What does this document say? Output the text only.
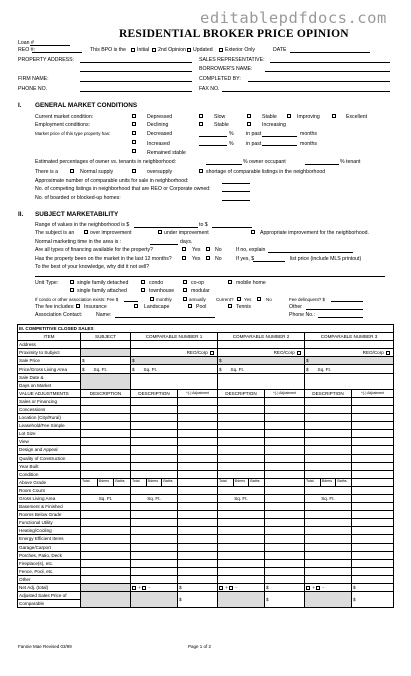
editablepdfdocs.com
RESIDENTIAL BROKER PRICE OPINION
Loan #
REO #:	This BPO is the Initial 2nd Opinion Updated Exterior Only	DATE
PROPERTY ADDRESS:	SALES REPRESENTATIVE:
BORROWER'S NAME:
FIRM NAME:	COMPLETED BY:
PHONE NO.	FAX NO.
I. GENERAL MARKET CONDITIONS
Current market condition:	Depressed	Slow	Stable	Improving	Excellent
Employment conditions:	Declining	Stable	Increasing
Market price of this type property has:	Decreased	% in past	months
Increased	% in past	months
Remained stable
Estimated percentages of owner vs. tenants in neighborhood:	% owner occupant	% tenant
There is a	Normal supply	oversupply	shortage of comparable listings in the neighborhood
Approximate number of comparable units for sale in neighborhood:
No. of competing listings in neighborhood that are REO or Corporate owned:
No. of boarded or blocked-up homes:
II. SUBJECT MARKETABILITY
Range of values in the neighborhood is $	to $
The subject is an	over improvement	under improvement	Appropriate improvement for the neighborhood.
Normal marketing time in the area is :	days.
Are all types of financing available for the property?	Yes	No	If no, explain
Has the property been on the market in the last 12 months?	Yes	No	If yes, $	list price (include MLS printout)
To the best of your knowledge, why did it not sell?
Unit Type:	single family detached	condo	co-op	mobile home
single family attached	townhouse	modular
If condo or other association exists: Fee $	monthly	annually Current? Yes	No	Fee delinquent? $
The fee includes: Insurance	Landscape	Pool	Tennis	Other
Association Contact:	Name:	Phone No.:
III. COMPETITIVE CLOSED SALES							
ITEM	SUBJECT	COMPARABLE NUMBER 1		COMPARABLE NUMBER 2		COMPARABLE NUMBER 3	
Address							
Proximity to Subject		REO/Corp		REO/Corp		REO/Corp	
Sale Price	$	$		$		$	
Price/Gross Living Area	$ Sq. Ft.	$ Sq. Ft.		$ Sq. Ft.		$ Sq. Ft.	
Sale Date &							
Days on Market							
VALUE ADJUSTMENTS	DESCRIPTION	DESCRIPTION	+(-) Adjustment	DESCRIPTION	+(-) Adjustment	DESCRIPTION	+(-) Adjustment
Sales or Financing							
Concessions							
Location (City/Rural)							
Leasehold/Fee Simple							
Lot Size							
View							
Design and Appeal							
Quality of Construction							
Year Built							
Condition							
Above Grade	Total Bdrms Baths	Total Bdrms Baths		Total Bdrms Baths		Total Bdrms Baths	

Room Count							
Gross Living Area	Sq. Ft.	Sq. Ft.		Sq. Ft.		Sq. Ft.	
Basement & Finished							
Rooms Below Grade							
Functional Utility							
Heating/Cooling							
Energy Efficient Items							
Garage/Carport							
Porches, Patio, Deck							
Fireplace(s), etc.							
Fence, Pool, etc.							
Other							
Net Adj. (total)		+ -	$	+ -	$	+ -	$
Adjusted Sales Price of			$		$		$
Comparable							
Fannie Mae Revised 03/99	Page 1 of 2
